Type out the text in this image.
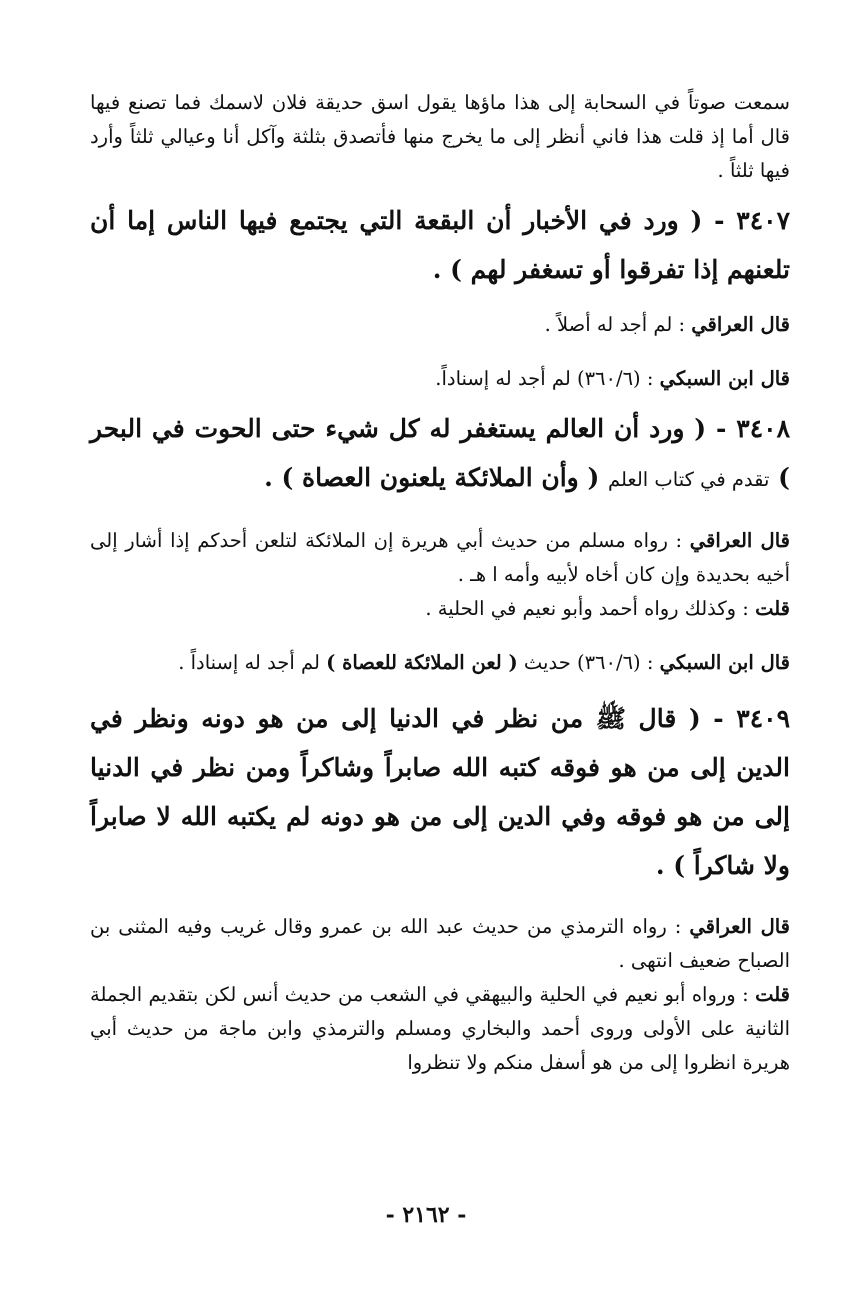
سمعت صوتاً في السحابة إلى هذا ماؤها يقول اسق حديقة فلان لاسمك فما تصنع فيها قال أما إذ قلت هذا فاني أنظر إلى ما يخرج منها فأتصدق بثلثة وآكل أنا وعيالي ثلثاً وأرد فيها ثلثاً .

٣٤٠٧ - ( ورد في الأخبار أن البقعة التي يجتمع فيها الناس إما أن تلعنهم إذا تفرقوا أو تسغفر لهم ) .

قال العراقي : لم أجد له أصلاً .

قال ابن السبكي : (٣٦٠/٦) لم أجد له إسناداً.

٣٤٠٨ - ( ورد أن العالم يستغفر له كل شيء حتى الحوت في البحر ) تقدم في كتاب العلم ( وأن الملائكة يلعنون العصاة ) .

قال العراقي : رواه مسلم من حديث أبي هريرة إن الملائكة لتلعن أحدكم إذا أشار إلى أخيه بحديدة وإن كان أخاه لأبيه وأمه ا هـ .

قلت : وكذلك رواه أحمد وأبو نعيم في الحلية .

قال ابن السبكي : (٣٦٠/٦) حديث ( لعن الملائكة للعصاة ) لم أجد له إسناداً .

٣٤٠٩ - ( قال ﷺ من نظر في الدنيا إلى من هو دونه ونظر في الدين إلى من هو فوقه كتبه الله صابراً وشاكراً ومن نظر في الدنيا إلى من هو فوقه وفي الدين إلى من هو دونه لم يكتبه الله لا صابراً ولا شاكراً ) .

قال العراقي : رواه الترمذي من حديث عبد الله بن عمرو وقال غريب وفيه المثنى بن الصباح ضعيف انتهى .

قلت : ورواه أبو نعيم في الحلية والبيهقي في الشعب من حديث أنس لكن بتقديم الجملة الثانية على الأولى وروى أحمد والبخاري ومسلم والترمذي وابن ماجة من حديث أبي هريرة انظروا إلى من هو أسفل منكم ولا تنظروا

- ٢١٦٢ -
